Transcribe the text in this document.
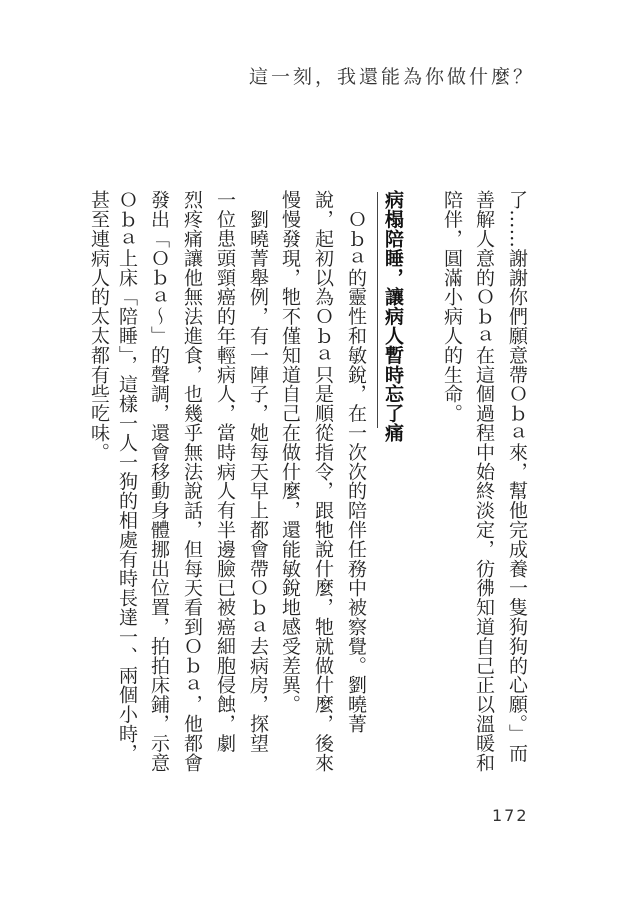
這一刻，我還能為你做什麼？
了……謝謝你們願意帶Ｏｂａ來，幫他完成養一隻狗狗的心願。」而
善解人意的Ｏｂａ在這個過程中始終淡定，彷彿知道自己正以溫暖和
陪伴，圓滿小病人的生命。
病榻陪睡，讓病人暫時忘了痛
　Ｏｂａ的靈性和敏銳，在一次次的陪伴任務中被察覺。劉曉菁
說，起初以為Ｏｂａ只是順從指令，跟牠說什麼，牠就做什麼，後來
慢慢發現，牠不僅知道自己在做什麼，還能敏銳地感受差異。
　劉曉菁舉例，有一陣子，她每天早上都會帶Ｏｂａ去病房，探望
一位患頭頸癌的年輕病人，當時病人有半邊臉已被癌細胞侵蝕，劇
烈疼痛讓他無法進食，也幾乎無法說話，但每天看到Ｏｂａ，他都會
發出「Ｏｂａ～」的聲調，還會移動身體挪出位置，拍拍床鋪，示意
Ｏｂａ上床「陪睡」，這樣一人一狗的相處有時長達一、兩個小時，
甚至連病人的太太都有些吃味。
172
